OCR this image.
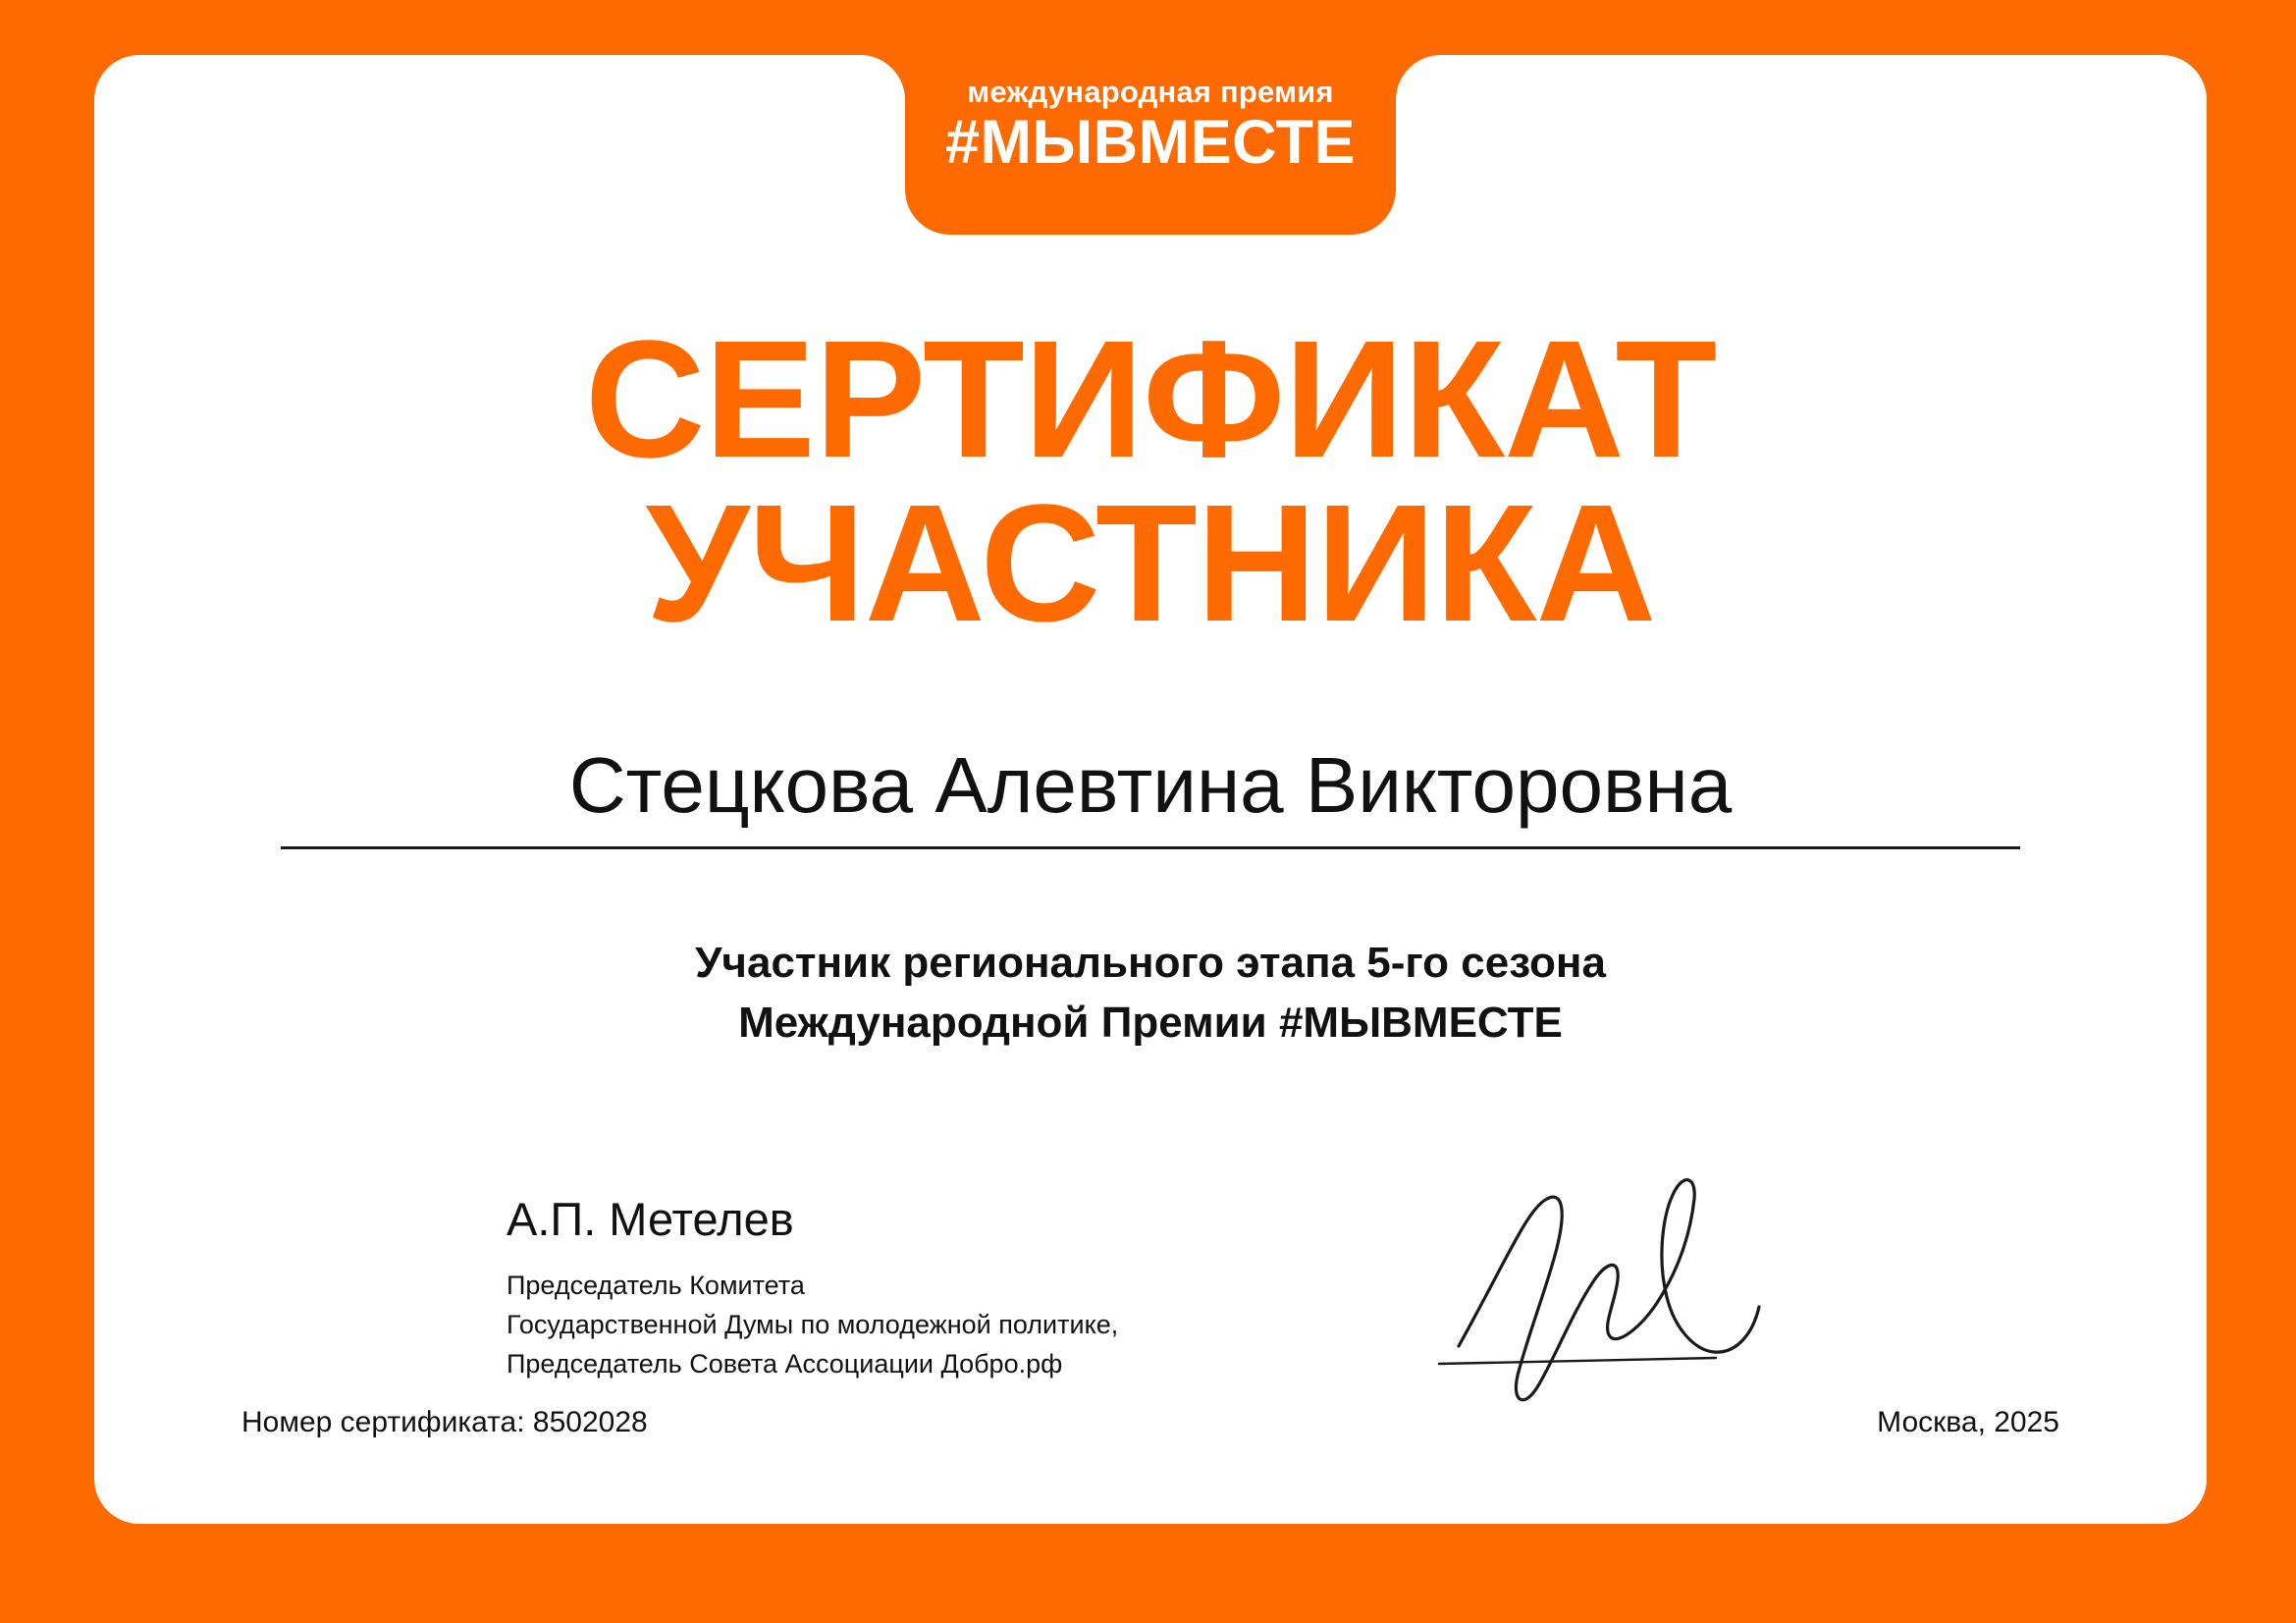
международная премия
#МЫВМЕСТЕ
СЕРТИФИКАТ
УЧАСТНИКА
Стецкова Алевтина Викторовна
Участник регионального этапа 5-го сезона
Международной Премии #МЫВМЕСТЕ
А.П. Метелев
Председатель Комитета
Государственной Думы по молодежной политике,
Председатель Совета Ассоциации Добро.рф
Номер сертификата: 8502028	Москва, 2025
